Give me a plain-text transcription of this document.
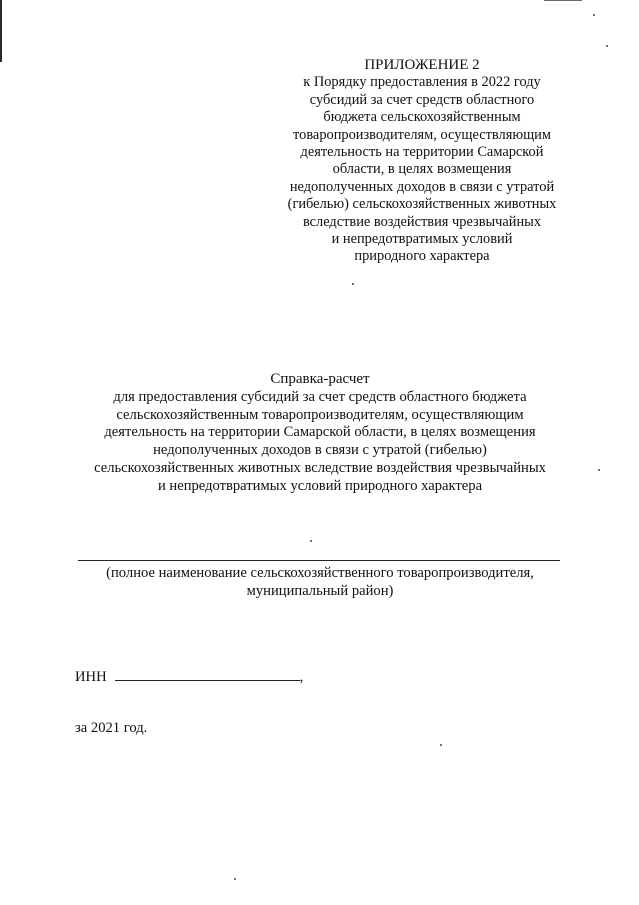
ПРИЛОЖЕНИЕ 2
к Порядку предоставления в 2022 году
субсидий за счет средств областного
бюджета сельскохозяйственным
товаропроизводителям, осуществляющим
деятельность на территории Самарской
области, в целях возмещения
недополученных доходов в связи с утратой
(гибелью) сельскохозяйственных животных
вследствие воздействия чрезвычайных
и непредотвратимых условий
природного характера
Справка-расчет
для предоставления субсидий за счет средств областного бюджета
сельскохозяйственным товаропроизводителям, осуществляющим
деятельность на территории Самарской области, в целях возмещения
недополученных доходов в связи с утратой (гибелью)
сельскохозяйственных животных вследствие воздействия чрезвычайных
и непредотвратимых условий природного характера
(полное наименование сельскохозяйственного товаропроизводителя,
муниципальный район)
ИНН	,
за 2021 год.
